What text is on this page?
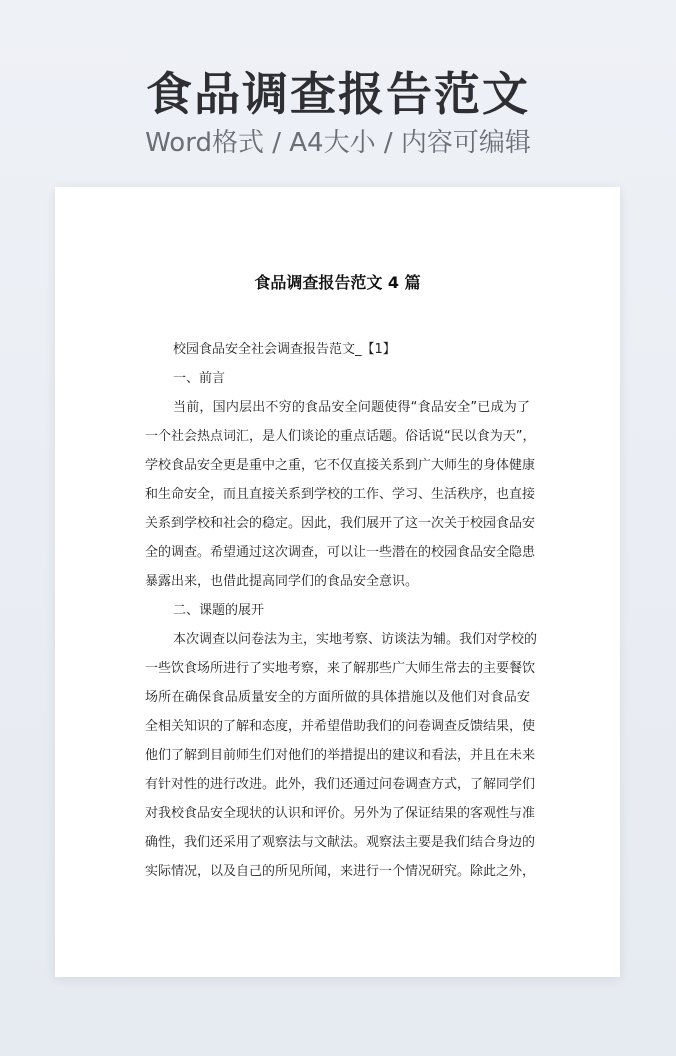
食品调查报告范文
Word格式 / A4大小 / 内容可编辑
食品调查报告范文 4 篇
校园食品安全社会调查报告范文_【1】
一、前言
当前，国内层出不穷的食品安全问题使得“食品安全”已成为了
一个社会热点词汇，是人们谈论的重点话题。俗话说“民以食为天”，
学校食品安全更是重中之重，它不仅直接关系到广大师生的身体健康
和生命安全，而且直接关系到学校的工作、学习、生活秩序，也直接
关系到学校和社会的稳定。因此，我们展开了这一次关于校园食品安
全的调查。希望通过这次调查，可以让一些潜在的校园食品安全隐患
暴露出来，也借此提高同学们的食品安全意识。
二、课题的展开
本次调查以问卷法为主，实地考察、访谈法为辅。我们对学校的
一些饮食场所进行了实地考察，来了解那些广大师生常去的主要餐饮
场所在确保食品质量安全的方面所做的具体措施以及他们对食品安
全相关知识的了解和态度，并希望借助我们的问卷调查反馈结果，使
他们了解到目前师生们对他们的举措提出的建议和看法，并且在未来
有针对性的进行改进。此外，我们还通过问卷调查方式，了解同学们
对我校食品安全现状的认识和评价。另外为了保证结果的客观性与准
确性，我们还采用了观察法与文献法。观察法主要是我们结合身边的
实际情况，以及自己的所见所闻，来进行一个情况研究。除此之外，
